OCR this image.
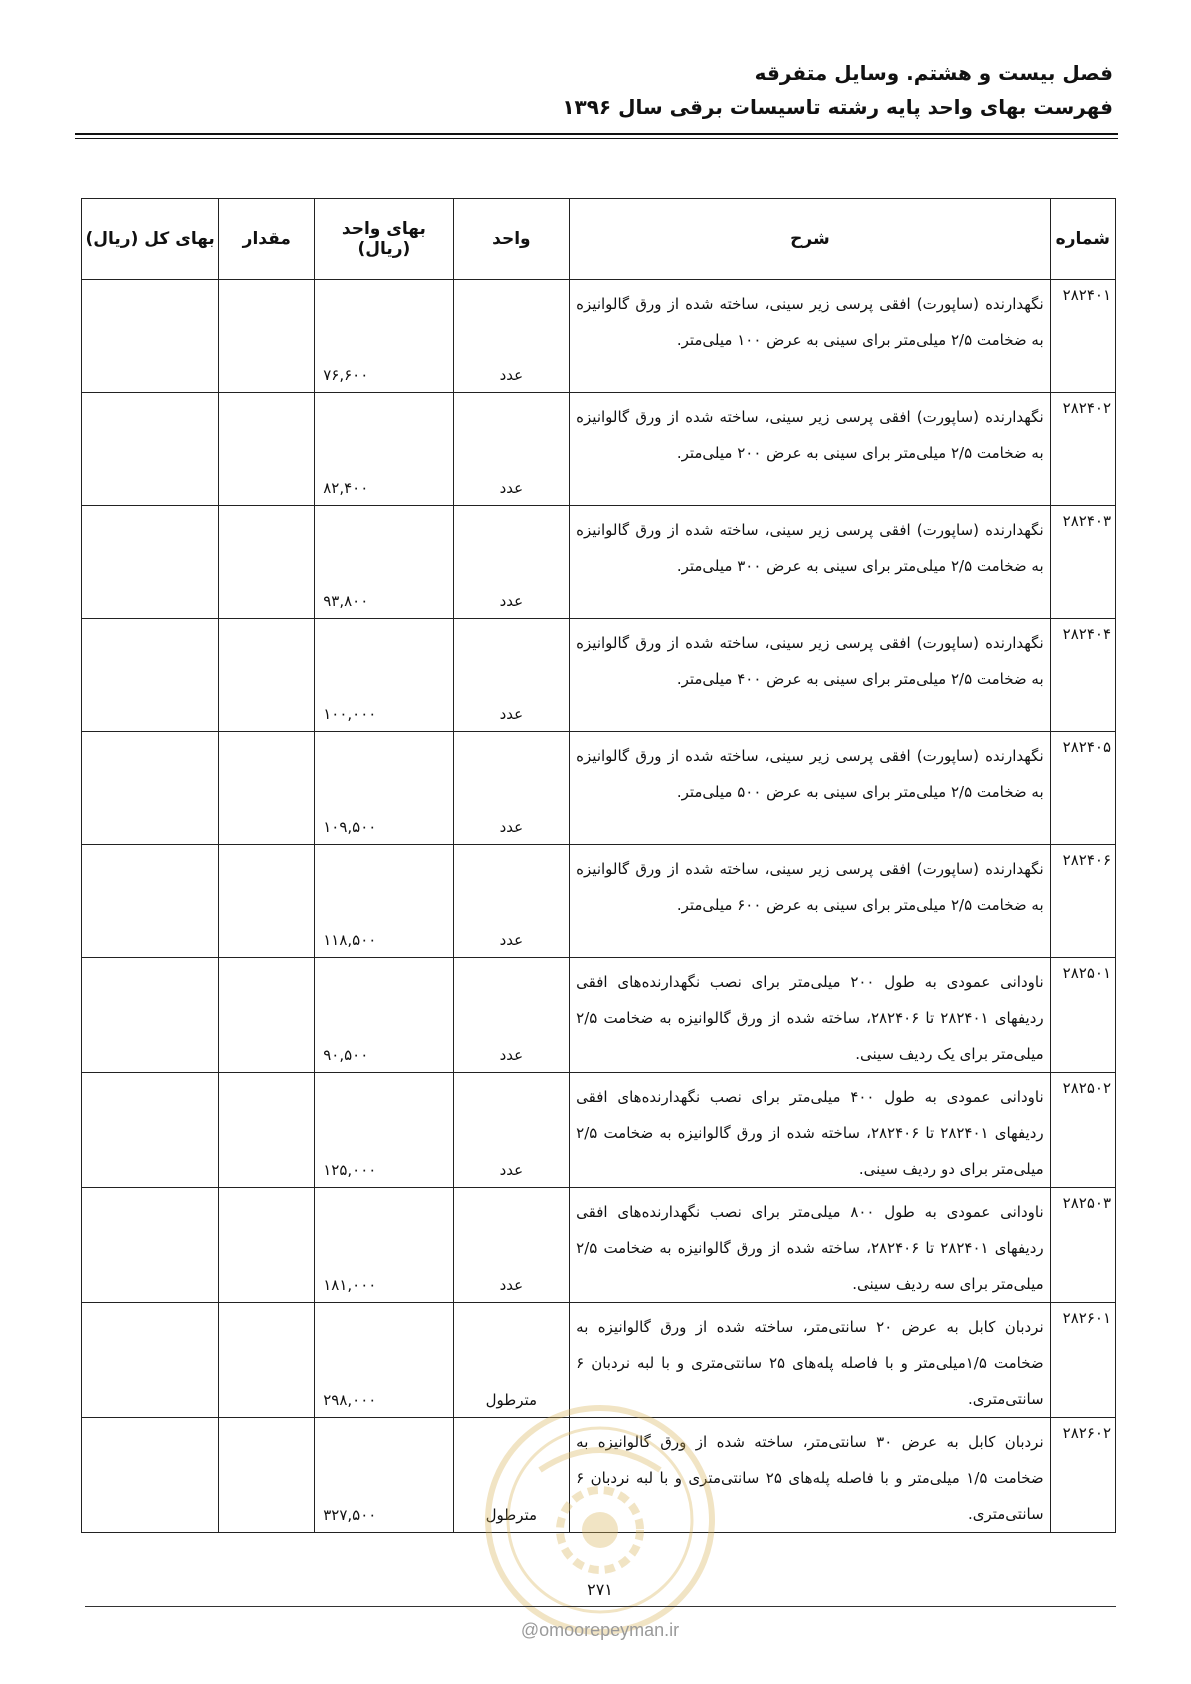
فصل بیست و هشتم. وسایل متفرقه
فهرست بهای واحد پایه رشته تاسیسات برقی سال ۱۳۹۶
شماره	شرح	واحد	بهای واحد (ریال)	مقدار	بهای کل (ریال)
۲۸۲۴۰۱	نگهدارنده (ساپورت) افقی پرسی زیر سینی، ساخته شده از ورق گالوانیزه به ضخامت ۲/۵ میلی‌متر برای سینی به عرض ۱۰۰ میلی‌متر.	عدد	۷۶,۶۰۰		
۲۸۲۴۰۲	نگهدارنده (ساپورت) افقی پرسی زیر سینی، ساخته شده از ورق گالوانیزه به ضخامت ۲/۵ میلی‌متر برای سینی به عرض ۲۰۰ میلی‌متر.	عدد	۸۲,۴۰۰		
۲۸۲۴۰۳	نگهدارنده (ساپورت) افقی پرسی زیر سینی، ساخته شده از ورق گالوانیزه به ضخامت ۲/۵ میلی‌متر برای سینی به عرض ۳۰۰ میلی‌متر.	عدد	۹۳,۸۰۰		
۲۸۲۴۰۴	نگهدارنده (ساپورت) افقی پرسی زیر سینی، ساخته شده از ورق گالوانیزه به ضخامت ۲/۵ میلی‌متر برای سینی به عرض ۴۰۰ میلی‌متر.	عدد	۱۰۰,۰۰۰		
۲۸۲۴۰۵	نگهدارنده (ساپورت) افقی پرسی زیر سینی، ساخته شده از ورق گالوانیزه به ضخامت ۲/۵ میلی‌متر برای سینی به عرض ۵۰۰ میلی‌متر.	عدد	۱۰۹,۵۰۰		
۲۸۲۴۰۶	نگهدارنده (ساپورت) افقی پرسی زیر سینی، ساخته شده از ورق گالوانیزه به ضخامت ۲/۵ میلی‌متر برای سینی به عرض ۶۰۰ میلی‌متر.	عدد	۱۱۸,۵۰۰		
۲۸۲۵۰۱	ناودانی عمودی به طول ۲۰۰ میلی‌متر برای نصب نگهدارنده‌های افقی ردیفهای ۲۸۲۴۰۱ تا ۲۸۲۴۰۶، ساخته شده از ورق گالوانیزه به ضخامت ۲/۵ میلی‌متر برای یک ردیف سینی.	عدد	۹۰,۵۰۰		
۲۸۲۵۰۲	ناودانی عمودی به طول ۴۰۰ میلی‌متر برای نصب نگهدارنده‌های افقی ردیفهای ۲۸۲۴۰۱ تا ۲۸۲۴۰۶، ساخته شده از ورق گالوانیزه به ضخامت ۲/۵ میلی‌متر برای دو ردیف سینی.	عدد	۱۲۵,۰۰۰		
۲۸۲۵۰۳	ناودانی عمودی به طول ۸۰۰ میلی‌متر برای نصب نگهدارنده‌های افقی ردیفهای ۲۸۲۴۰۱ تا ۲۸۲۴۰۶، ساخته شده از ورق گالوانیزه به ضخامت ۲/۵ میلی‌متر برای سه ردیف سینی.	عدد	۱۸۱,۰۰۰		
۲۸۲۶۰۱	نردبان کابل به عرض ۲۰ سانتی‌متر، ساخته شده از ورق گالوانیزه به ضخامت ۱/۵میلی‌متر و با فاصله پله‌های ۲۵ سانتی‌متری و با لبه نردبان ۶ سانتی‌متری.	مترطول	۲۹۸,۰۰۰		
۲۸۲۶۰۲	نردبان کابل به عرض ۳۰ سانتی‌متر، ساخته شده از ورق گالوانیزه به ضخامت ۱/۵ میلی‌متر و با فاصله پله‌های ۲۵ سانتی‌متری و با لبه نردبان ۶ سانتی‌متری.	مترطول	۳۲۷,۵۰۰		
۲۷۱
@omoorepeyman.ir
